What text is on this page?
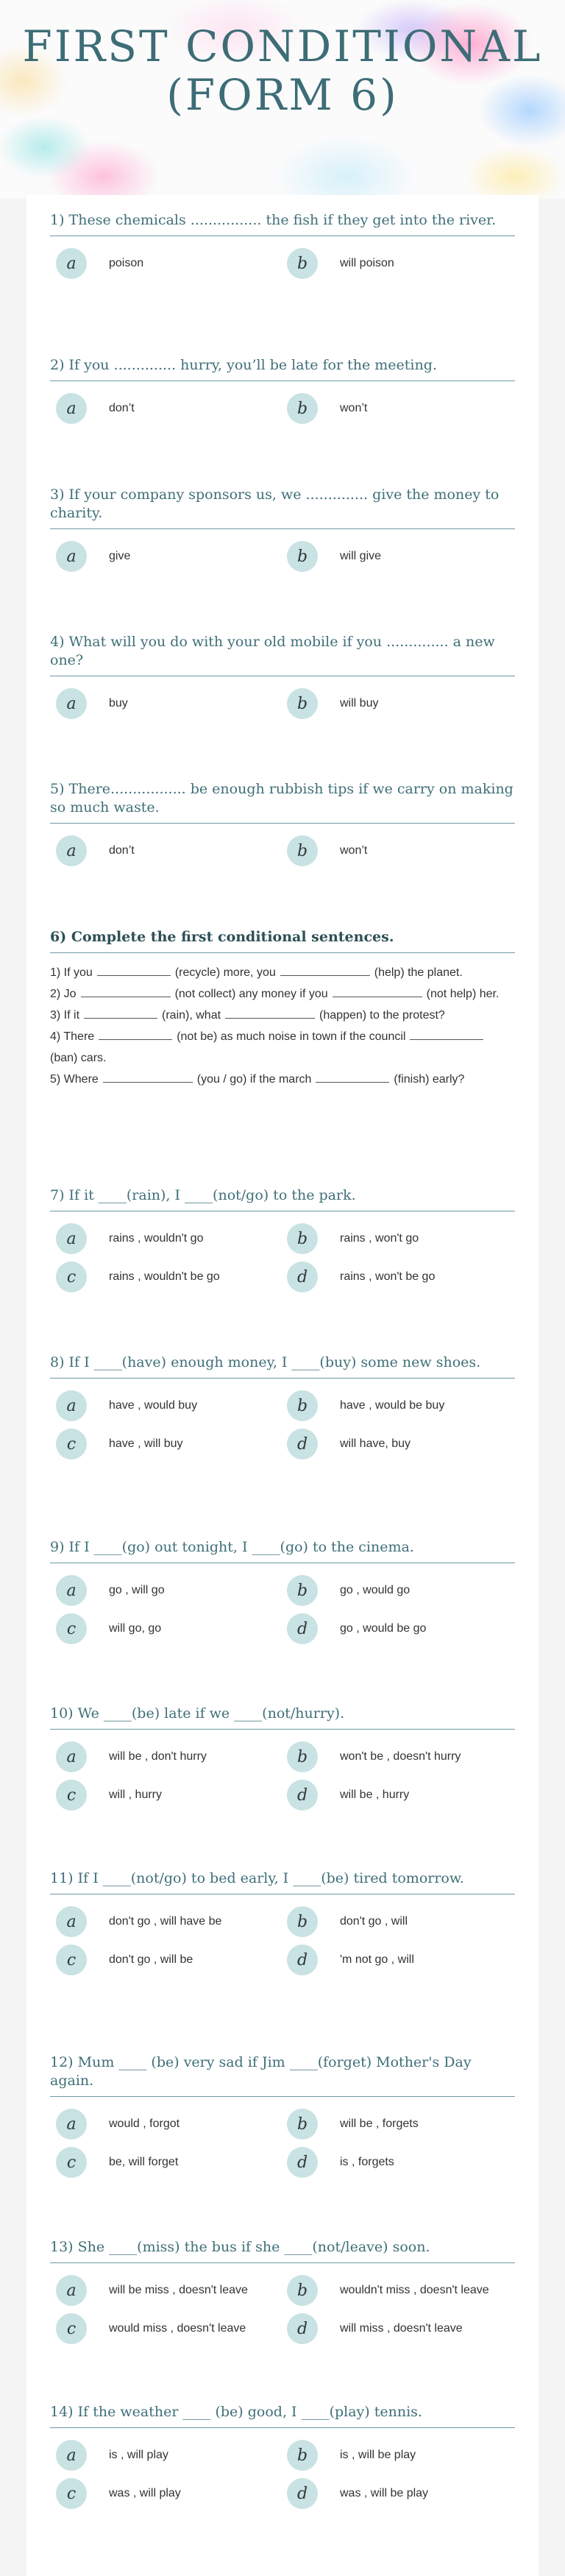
FIRST CONDITIONAL (FORM 6)
1) These chemicals ................ the fish if they get into the river.
a	poison	b	will poison
2) If you .............. hurry, you’ll be late for the meeting.
a	don’t	b	won’t
3) If your company sponsors us, we .............. give the money to charity.
a	give	b	will give
4) What will you do with your old mobile if you .............. a new one?
a	buy	b	will buy
5) There................. be enough rubbish tips if we carry on making so much waste.
a	don’t	b	won’t
6) Complete the first conditional sentences.
1) If you	(recycle) more, you	(help) the planet.
2) Jo	(not collect) any money if you	(not help) her.
3) If it	(rain), what	(happen) to the protest?
4) There	(not be) as much noise in town if the council(ban) cars.
5) Where	(you / go) if the march	(finish) early?
7) If it ____(rain), I ____(not/go) to the park.
a	rains , wouldn't go	b	rains , won't go
c	rains , wouldn't be go	d	rains , won't be go
8) If I ____(have) enough money, I ____(buy) some new shoes.
a	have , would buy	b	have , would be buy
c	have , will buy	d	will have, buy
9) If I ____(go) out tonight, I ____(go) to the cinema.
a	go , will go	b	go , would go
c	will go, go	d	go , would be go
10) We ____(be) late if we ____(not/hurry).
a	will be , don't hurry	b	won't be , doesn't hurry
c	will , hurry	d	will be , hurry
11) If I ____(not/go) to bed early, I ____(be) tired tomorrow.
a	don't go , will have be	b	don't go , will
c	don't go , will be	d	'm not go , will
12) Mum ____ (be) very sad if Jim ____(forget) Mother's Day again.
a	would , forgot	b	will be , forgets
c	be, will forget	d	is , forgets
13) She ____(miss) the bus if she ____(not/leave) soon.
a	will be miss , doesn't leave	b	wouldn't miss , doesn't leave
c	would miss , doesn't leave	d	will miss , doesn't leave
14) If the weather ____ (be) good, I ____(play) tennis.
a	is , will play	b	is , will be play
c	was , will play	d	was , will be play
